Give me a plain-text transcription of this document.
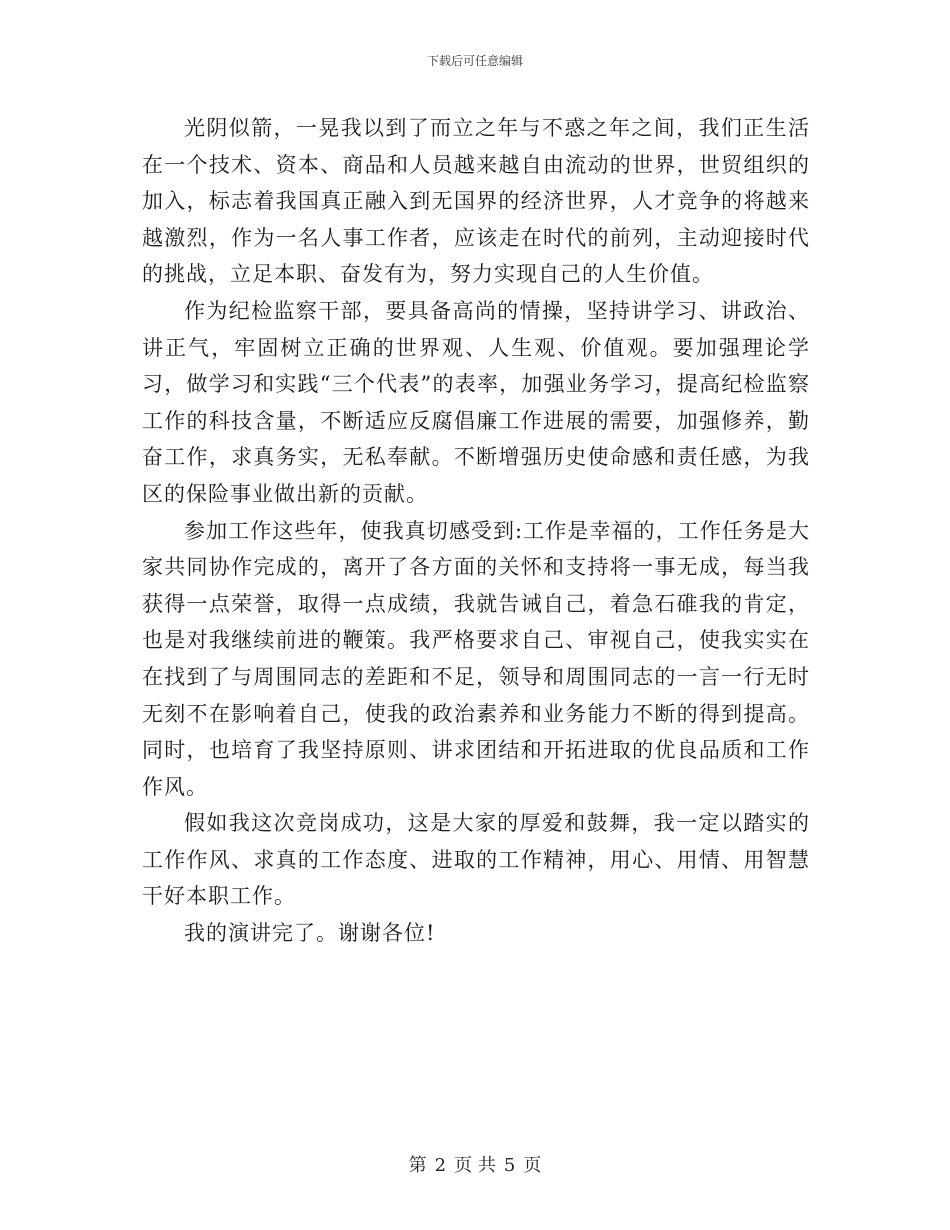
下载后可任意编辑

光阴似箭，一晃我以到了而立之年与不惑之年之间，我们正生活在一个技术、资本、商品和人员越来越自由流动的世界，世贸组织的加入，标志着我国真正融入到无国界的经济世界，人才竞争的将越来越激烈，作为一名人事工作者，应该走在时代的前列，主动迎接时代的挑战，立足本职、奋发有为，努力实现自己的人生价值。

作为纪检监察干部，要具备高尚的情操，坚持讲学习、讲政治、讲正气，牢固树立正确的世界观、人生观、价值观。要加强理论学习，做学习和实践“三个代表”的表率，加强业务学习，提高纪检监察工作的科技含量，不断适应反腐倡廉工作进展的需要，加强修养，勤奋工作，求真务实，无私奉献。不断增强历史使命感和责任感，为我区的保险事业做出新的贡献。

参加工作这些年，使我真切感受到:工作是幸福的，工作任务是大家共同协作完成的，离开了各方面的关怀和支持将一事无成，每当我获得一点荣誉，取得一点成绩，我就告诫自己，着急石碓我的肯定，也是对我继续前进的鞭策。我严格要求自己、审视自己，使我实实在在找到了与周围同志的差距和不足，领导和周围同志的一言一行无时无刻不在影响着自己，使我的政治素养和业务能力不断的得到提高。同时，也培育了我坚持原则、讲求团结和开拓进取的优良品质和工作作风。

假如我这次竞岗成功，这是大家的厚爱和鼓舞，我一定以踏实的工作作风、求真的工作态度、进取的工作精神，用心、用情、用智慧干好本职工作。

我的演讲完了。谢谢各位!

第 2 页 共 5 页
